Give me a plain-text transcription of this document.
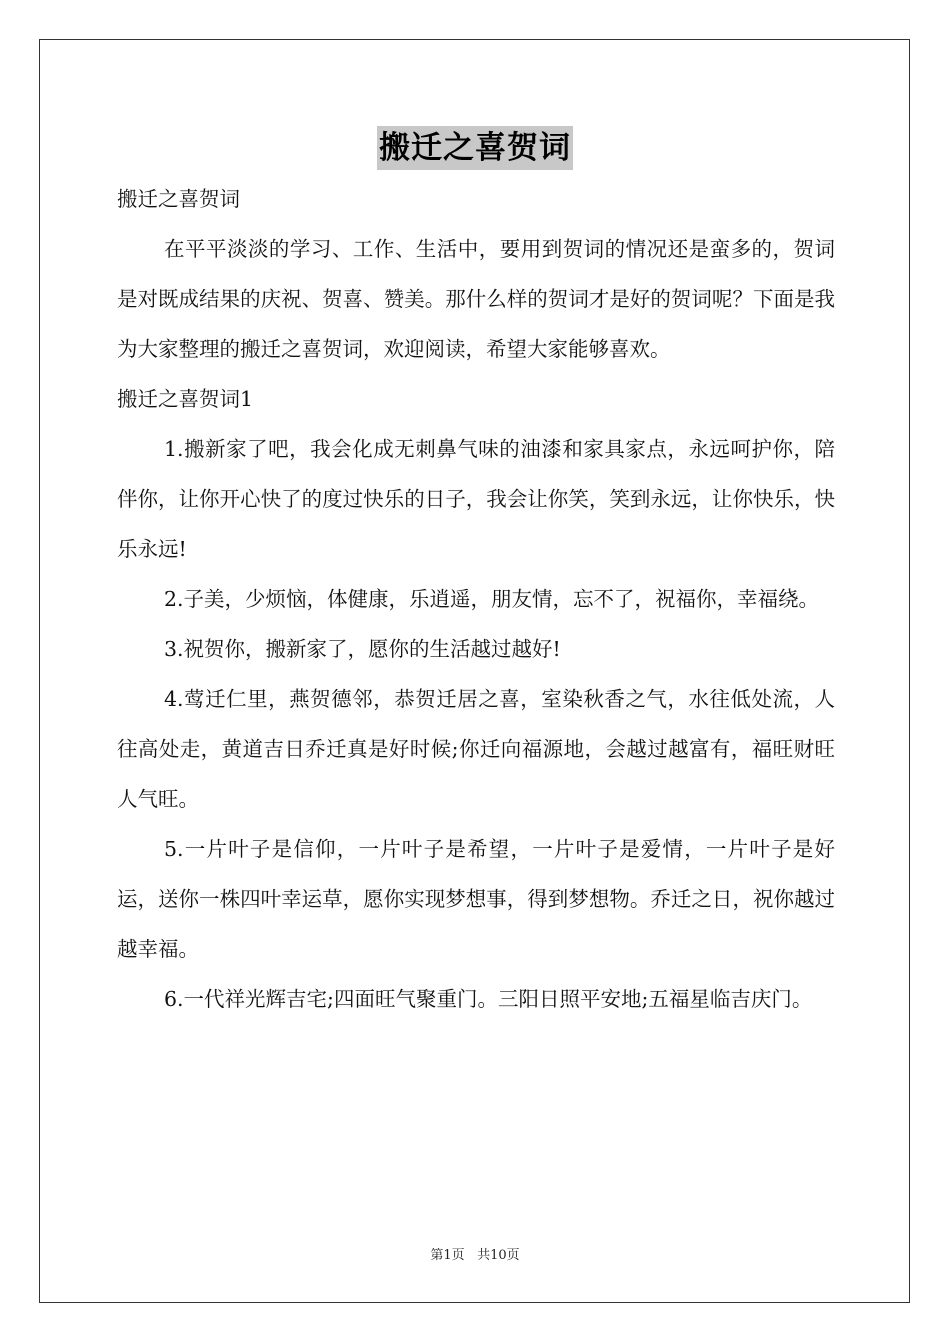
搬迁之喜贺词

搬迁之喜贺词

在平平淡淡的学习、工作、生活中，要用到贺词的情况还是蛮多的，贺词是对既成结果的庆祝、贺喜、赞美。那什么样的贺词才是好的贺词呢？下面是我为大家整理的搬迁之喜贺词，欢迎阅读，希望大家能够喜欢。

搬迁之喜贺词1

1.搬新家了吧，我会化成无刺鼻气味的油漆和家具家点，永远呵护你，陪伴你，让你开心快了的度过快乐的日子，我会让你笑，笑到永远，让你快乐，快乐永远!

2.子美，少烦恼，体健康，乐逍遥，朋友情，忘不了，祝福你，幸福绕。

3.祝贺你，搬新家了，愿你的生活越过越好!

4.莺迁仁里，燕贺德邻，恭贺迁居之喜，室染秋香之气，水往低处流，人往高处走，黄道吉日乔迁真是好时候;你迁向福源地，会越过越富有，福旺财旺人气旺。

5.一片叶子是信仰，一片叶子是希望，一片叶子是爱情，一片叶子是好运，送你一株四叶幸运草，愿你实现梦想事，得到梦想物。乔迁之日，祝你越过越幸福。

6.一代祥光辉吉宅;四面旺气聚重门。三阳日照平安地;五福星临吉庆门。

第1页 共10页
